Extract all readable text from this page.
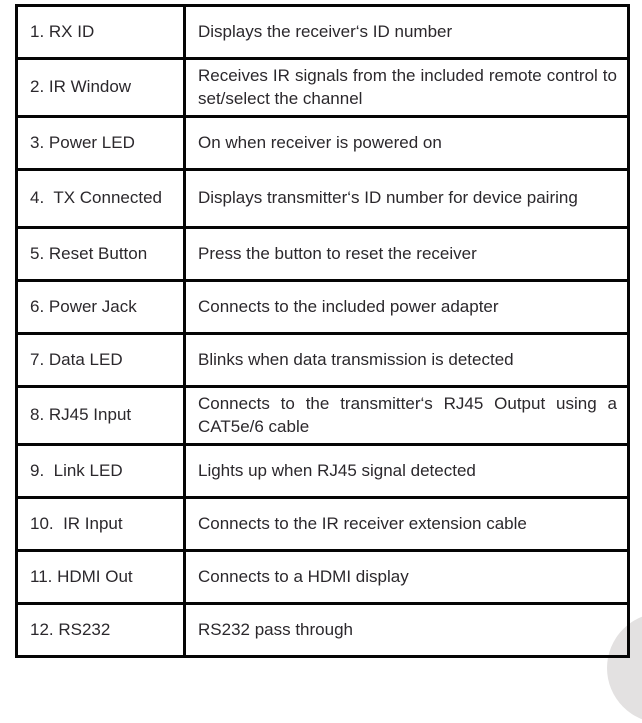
1. RX ID	Displays the receiver‘s ID number
2. IR Window	Receives IR signals from the included remote control to set/select the channel
3. Power LED	On when receiver is powered on
4.  TX Connected	Displays transmitter‘s ID number for device pairing
5. Reset Button	Press the button to reset the receiver
6. Power Jack	Connects to the included power adapter
7. Data LED	Blinks when data transmission is detected
8. RJ45 Input	Connects to the transmitter‘s RJ45 Output using a CAT5e/6 cable
9.  Link LED	Lights up when RJ45 signal detected
10.  IR Input	Connects to the IR receiver extension cable
11. HDMI Out	Connects to a HDMI display
12. RS232	RS232 pass through
